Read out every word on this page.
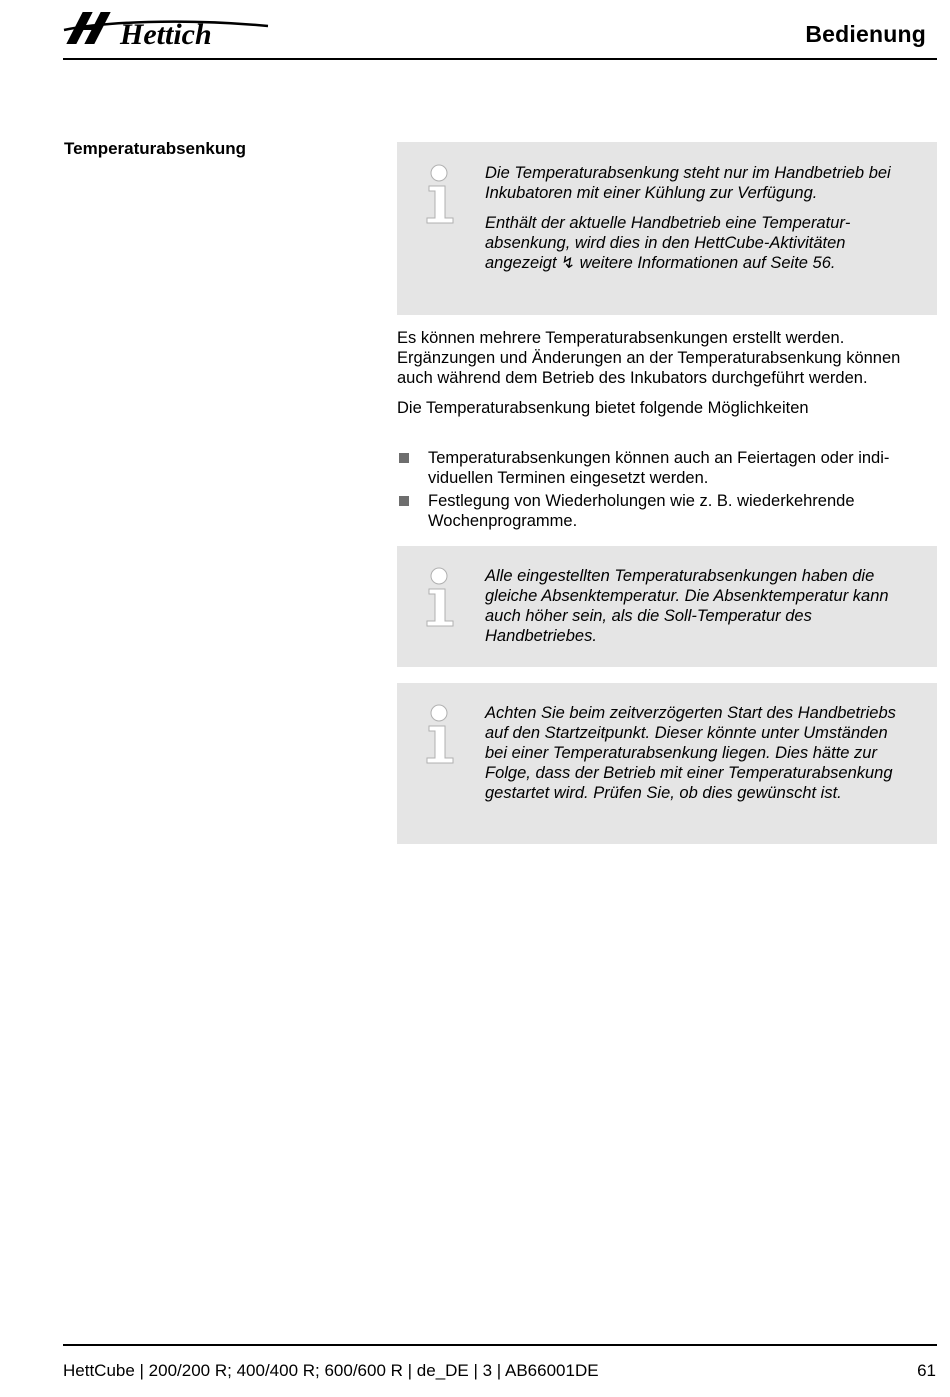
Hettich	Bedienung
Temperaturabsenkung

Die Temperaturabsenkung steht nur im Handbetrieb bei Inkubatoren mit einer Kühlung zur Verfügung.

Enthält der aktuelle Handbetrieb eine Temperaturabsenkung, wird dies in den HettCube-Aktivitäten angezeigt ↯ weitere Informationen auf Seite 56.

Es können mehrere Temperaturabsenkungen erstellt werden. Ergänzungen und Änderungen an der Temperaturabsenkung können auch während dem Betrieb des Inkubators durchgeführt werden.

Die Temperaturabsenkung bietet folgende Möglichkeiten

Temperaturabsenkungen können auch an Feiertagen oder individuellen Terminen eingesetzt werden.
Festlegung von Wiederholungen wie z. B. wiederkehrende Wochenprogramme.
Alle eingestellten Temperaturabsenkungen haben die gleiche Absenktemperatur. Die Absenktemperatur kann auch höher sein, als die Soll-Temperatur des Handbetriebes.
Achten Sie beim zeitverzögerten Start des Handbetriebs auf den Startzeitpunkt. Dieser könnte unter Umständen bei einer Temperaturabsenkung liegen. Dies hätte zur Folge, dass der Betrieb mit einer Temperaturabsenkung gestartet wird. Prüfen Sie, ob dies gewünscht ist.
HettCube | 200/200 R; 400/400 R; 600/600 R | de_DE | 3 | AB66001DE	61
